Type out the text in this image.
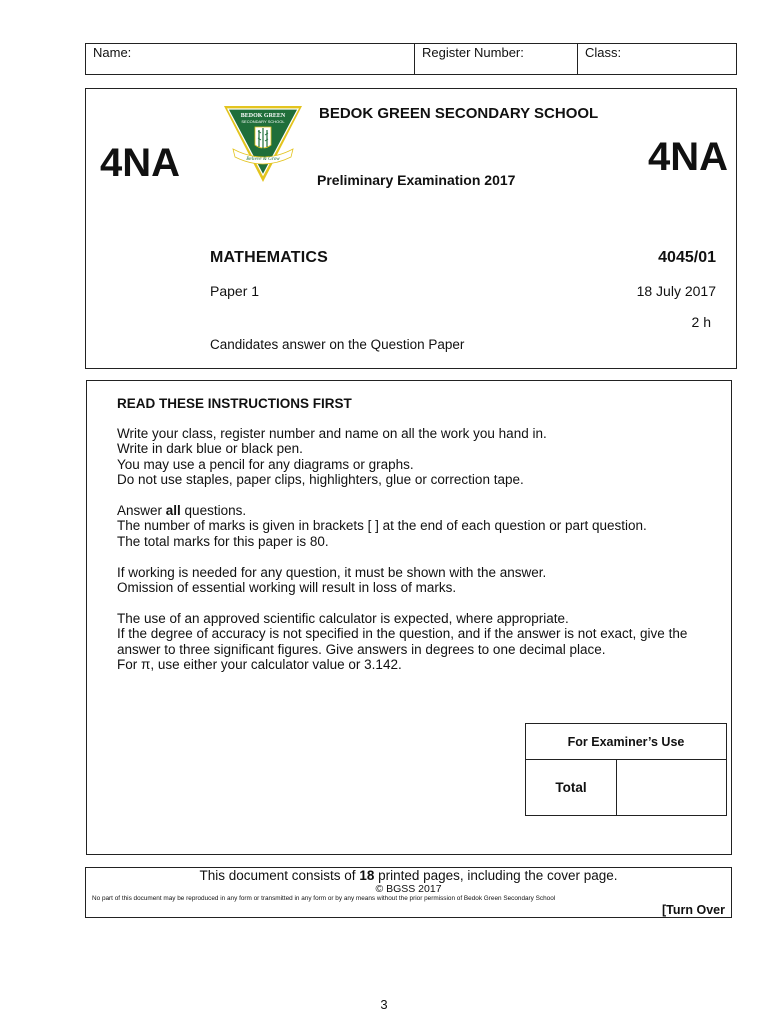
Name:	Register Number:	Class:
4NA
BEDOK GREEN
SECONDARY SCHOOL
Believe & Grow
BEDOK GREEN SECONDARY SCHOOL
4NA
Preliminary Examination 2017
MATHEMATICS	4045/01
Paper 1	18 July 2017
2 h
Candidates answer on the Question Paper
READ THESE INSTRUCTIONS FIRST

Write your class, register number and name on all the work you hand in.
Write in dark blue or black pen.
You may use a pencil for any diagrams or graphs.
Do not use staples, paper clips, highlighters, glue or correction tape.

Answer all questions.
The number of marks is given in brackets [ ] at the end of each question or part question.
The total marks for this paper is 80.

If working is needed for any question, it must be shown with the answer.
Omission of essential working will result in loss of marks.

The use of an approved scientific calculator is expected, where appropriate.
If the degree of accuracy is not specified in the question, and if the answer is not exact, give the answer to three significant figures. Give answers in degrees to one decimal place.
For π, use either your calculator value or 3.142.

For Examiner’s Use
Total
This document consists of 18 printed pages, including the cover page.
© BGSS 2017
No part of this document may be reproduced in any form or transmitted in any form or by any means without the prior permission of Bedok Green Secondary School
[Turn Over
3
